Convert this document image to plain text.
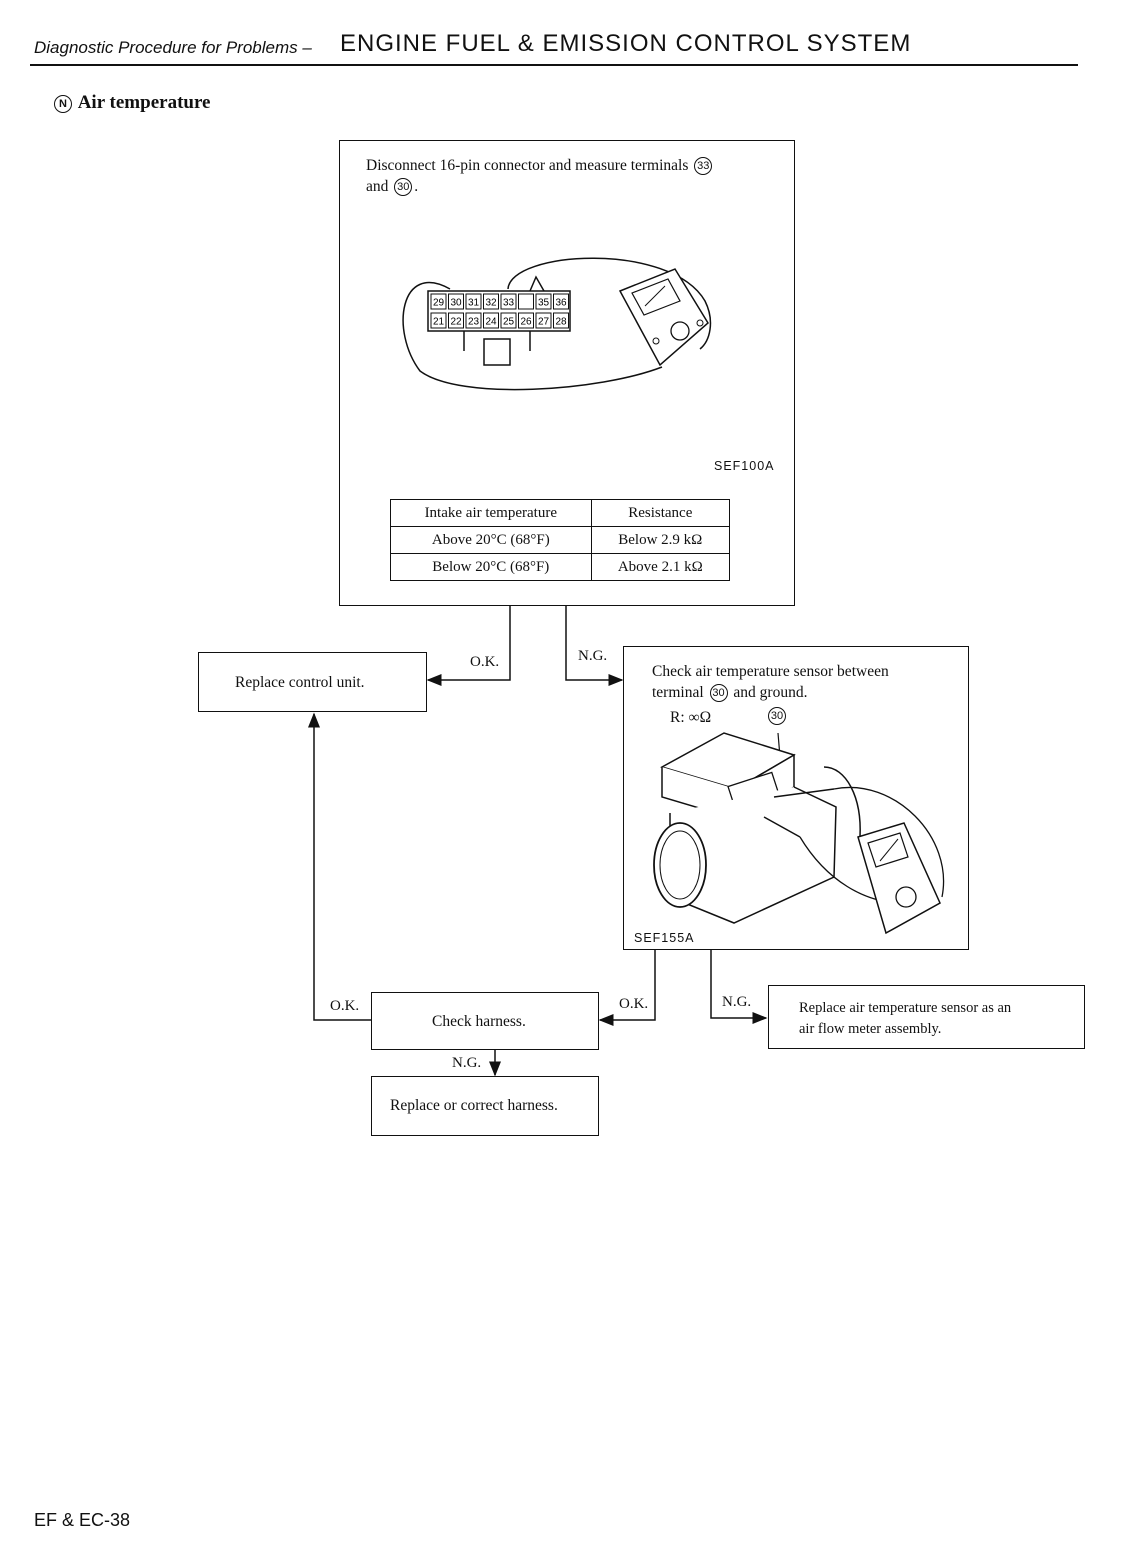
Diagnostic Procedure for Problems – ENGINE FUEL & EMISSION CONTROL SYSTEM
N Air temperature
Disconnect 16-pin connector and measure terminals 33
and 30 .
29 30 31 32 33 35 36
21 22 23 24 25 26 27 28
SEF100A
Intake air temperature	Resistance
Above 20°C (68°F)	Below 2.9 kΩ
Below 20°C (68°F)	Above 2.1 kΩ
O.K.	N.G.
Replace control unit.
Check air temperature sensor between
terminal 30 and ground.
R: ∞Ω	30
SEF155A
O.K.	N.G.
O.K.
Check harness.
N.G.
Replace or correct harness.
Replace air temperature sensor as an
air flow meter assembly.
EF & EC-38
